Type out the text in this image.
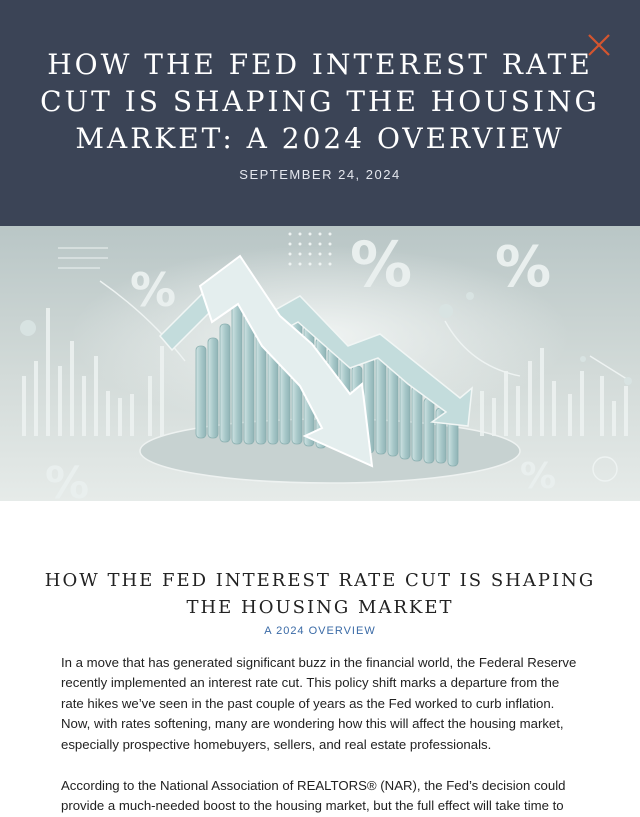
HOW THE FED INTEREST RATE CUT IS SHAPING THE HOUSING MARKET: A 2024 OVERVIEW
SEPTEMBER 24, 2024
%	% %
%	%
HOW THE FED INTEREST RATE CUT IS SHAPING THE HOUSING MARKET
A 2024 OVERVIEW

In a move that has generated significant buzz in the financial world, the Federal Reserve recently implemented an interest rate cut. This policy shift marks a departure from the rate hikes we’ve seen in the past couple of years as the Fed worked to curb inflation. Now, with rates softening, many are wondering how this will affect the housing market, especially prospective homebuyers, sellers, and real estate professionals.

According to the National Association of REALTORS® (NAR), the Fed’s decision could provide a much-needed boost to the housing market, but the full effect will take time to
